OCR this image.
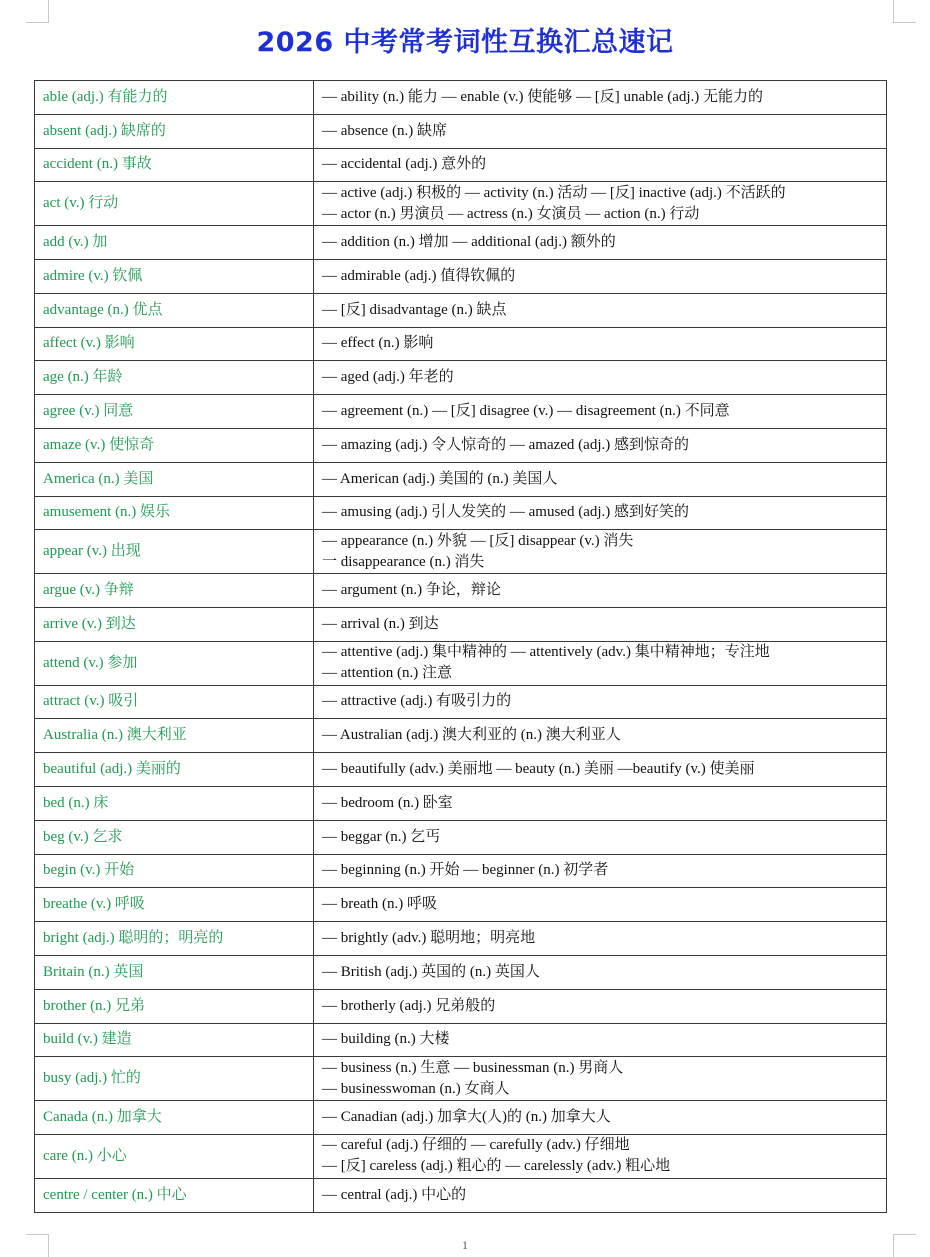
2026 中考常考词性互换汇总速记
able (adj.) 有能力的	— ability (n.) 能力 — enable (v.) 使能够 — [反] unable (adj.) 无能力的

absent (adj.) 缺席的	— absence (n.) 缺席

accident (n.) 事故	— accidental (adj.) 意外的

act (v.) 行动	— active (adj.) 积极的 — activity (n.) 活动 — [反] inactive (adj.) 不活跃的
— actor (n.) 男演员 — actress (n.) 女演员 — action (n.) 行动

add (v.) 加	— addition (n.) 增加 — additional (adj.) 额外的

admire (v.) 钦佩	— admirable (adj.) 值得钦佩的

advantage (n.) 优点	— [反] disadvantage (n.) 缺点

affect (v.) 影响	— effect (n.) 影响

age (n.) 年龄	— aged (adj.) 年老的

agree (v.) 同意	— agreement (n.) — [反] disagree (v.) — disagreement (n.) 不同意

amaze (v.) 使惊奇	— amazing (adj.) 令人惊奇的 — amazed (adj.) 感到惊奇的

America (n.) 美国	— American (adj.) 美国的 (n.) 美国人

amusement (n.) 娱乐	— amusing (adj.) 引人发笑的 — amused (adj.) 感到好笑的

appear (v.) 出现	— appearance (n.) 外貌 — [反] disappear (v.) 消失
一 disappearance (n.) 消失

argue (v.) 争辩	— argument (n.) 争论，辩论

arrive (v.) 到达	— arrival (n.) 到达

attend (v.) 参加	— attentive (adj.) 集中精神的 — attentively (adv.) 集中精神地；专注地
— attention (n.) 注意

attract (v.) 吸引	— attractive (adj.) 有吸引力的

Australia (n.) 澳大利亚	— Australian (adj.) 澳大利亚的 (n.) 澳大利亚人

beautiful (adj.) 美丽的	— beautifully (adv.) 美丽地 — beauty (n.) 美丽 —beautify (v.) 使美丽

bed (n.) 床	— bedroom (n.) 卧室

beg (v.) 乞求	— beggar (n.) 乞丐

begin (v.) 开始	— beginning (n.) 开始 — beginner (n.) 初学者

breathe (v.) 呼吸	— breath (n.) 呼吸

bright (adj.) 聪明的；明亮的	— brightly (adv.) 聪明地；明亮地

Britain (n.) 英国	— British (adj.) 英国的 (n.) 英国人

brother (n.) 兄弟	— brotherly (adj.) 兄弟般的

build (v.) 建造	— building (n.) 大楼

busy (adj.) 忙的	— business (n.) 生意 — businessman (n.) 男商人
— businesswoman (n.) 女商人

Canada (n.) 加拿大	— Canadian (adj.) 加拿大(人)的 (n.) 加拿大人

care (n.) 小心	— careful (adj.) 仔细的 — carefully (adv.) 仔细地
— [反] careless (adj.) 粗心的 — carelessly (adv.) 粗心地

centre / center (n.) 中心	— central (adj.) 中心的
1
